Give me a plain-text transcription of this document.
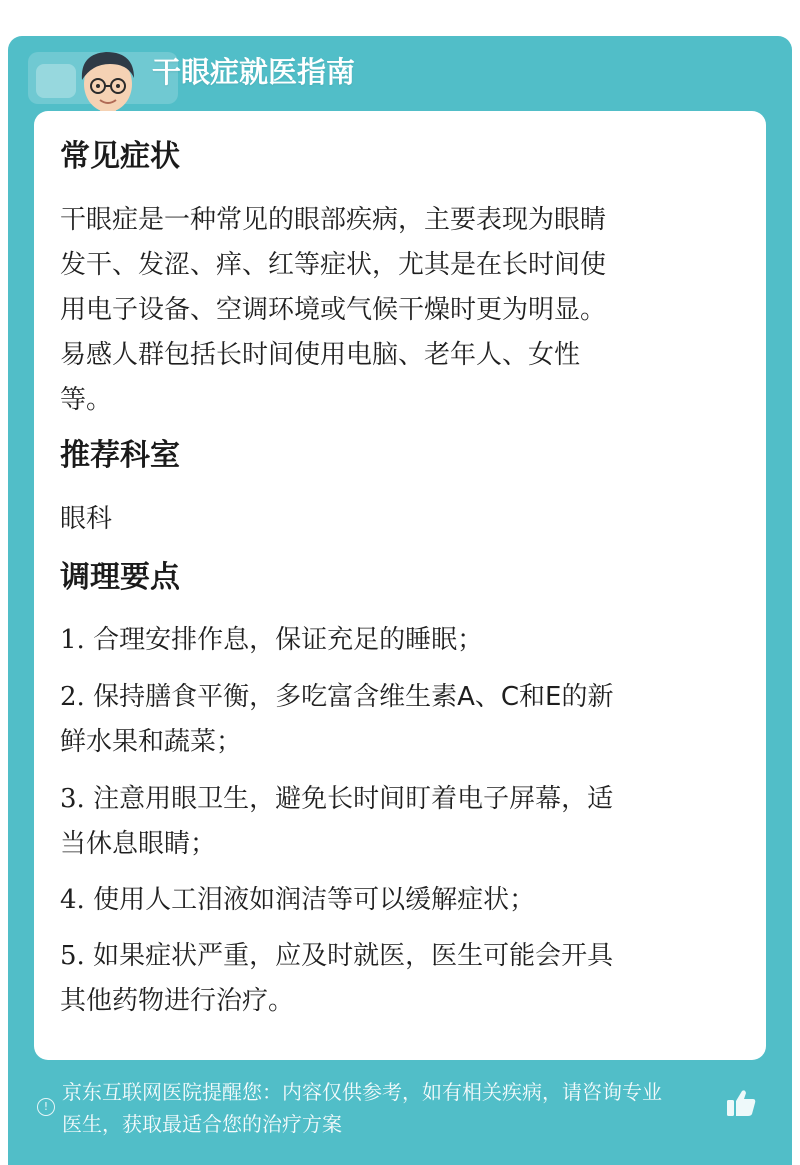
干眼症就医指南
常见症状

干眼症是一种常见的眼部疾病，主要表现为眼睛
发干、发涩、痒、红等症状，尤其是在长时间使
用电子设备、空调环境或气候干燥时更为明显。
易感人群包括长时间使用电脑、老年人、女性
等。

推荐科室

眼科

调理要点

1. 合理安排作息，保证充足的睡眠；

2. 保持膳食平衡，多吃富含维生素A、C和E的新
鲜水果和蔬菜；

3. 注意用眼卫生，避免长时间盯着电子屏幕，适
当休息眼睛；

4. 使用人工泪液如润洁等可以缓解症状；

5. 如果症状严重，应及时就医，医生可能会开具
其他药物进行治疗。

!

京东互联网医院提醒您：内容仅供参考，如有相关疾病，请咨询专业
医生，获取最适合您的治疗方案
